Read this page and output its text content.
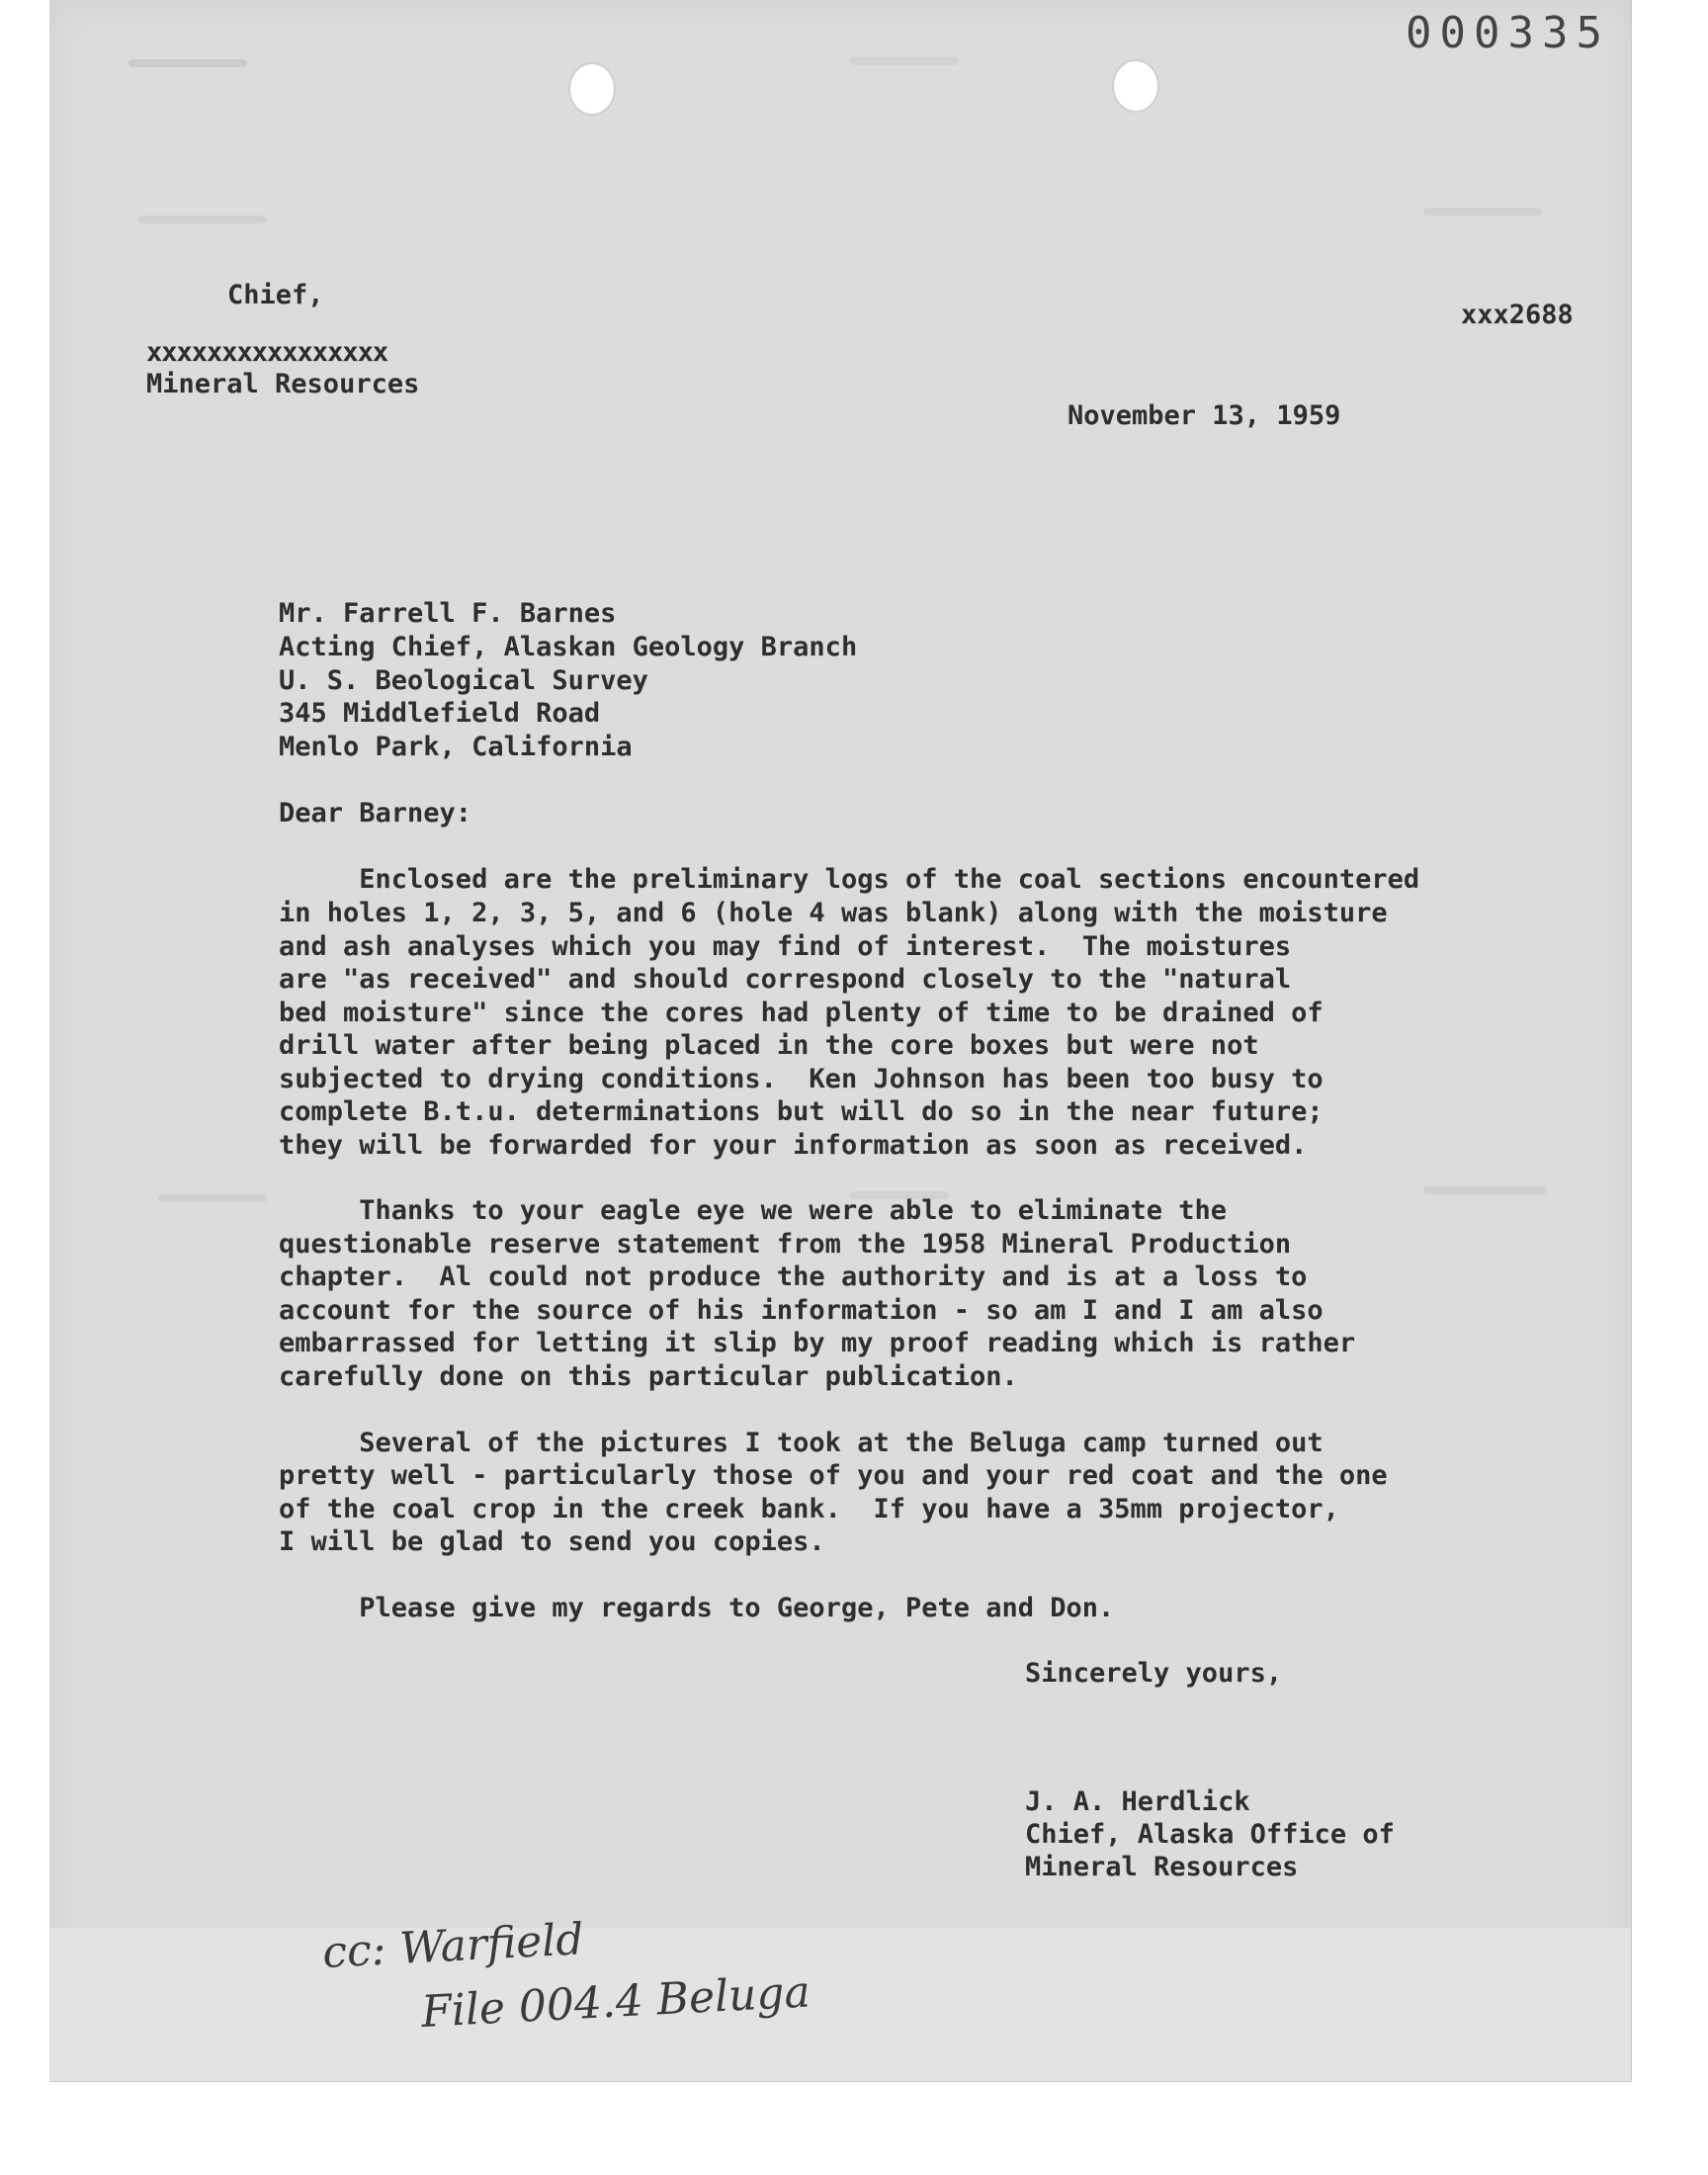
000335
Chief,
xxxxxxxxxxxxxxxx
Mineral Resources
xxx2688
November 13, 1959
Mr. Farrell F. Barnes
Acting Chief, Alaskan Geology Branch
U. S. Beological Survey
345 Middlefield Road
Menlo Park, California
Dear Barney:
Enclosed are the preliminary logs of the coal sections encountered
in holes 1, 2, 3, 5, and 6 (hole 4 was blank) along with the moisture
and ash analyses which you may find of interest.  The moistures
are "as received" and should correspond closely to the "natural
bed moisture" since the cores had plenty of time to be drained of
drill water after being placed in the core boxes but were not
subjected to drying conditions.  Ken Johnson has been too busy to
complete B.t.u. determinations but will do so in the near future;
they will be forwarded for your information as soon as received.
Thanks to your eagle eye we were able to eliminate the
questionable reserve statement from the 1958 Mineral Production
chapter.  Al could not produce the authority and is at a loss to
account for the source of his information - so am I and I am also
embarrassed for letting it slip by my proof reading which is rather
carefully done on this particular publication.
Several of the pictures I took at the Beluga camp turned out
pretty well - particularly those of you and your red coat and the one
of the coal crop in the creek bank.  If you have a 35mm projector,
I will be glad to send you copies.
Please give my regards to George, Pete and Don.
Sincerely yours,
J. A. Herdlick
Chief, Alaska Office of
Mineral Resources
cc: Warfield
File 004.4 Beluga
